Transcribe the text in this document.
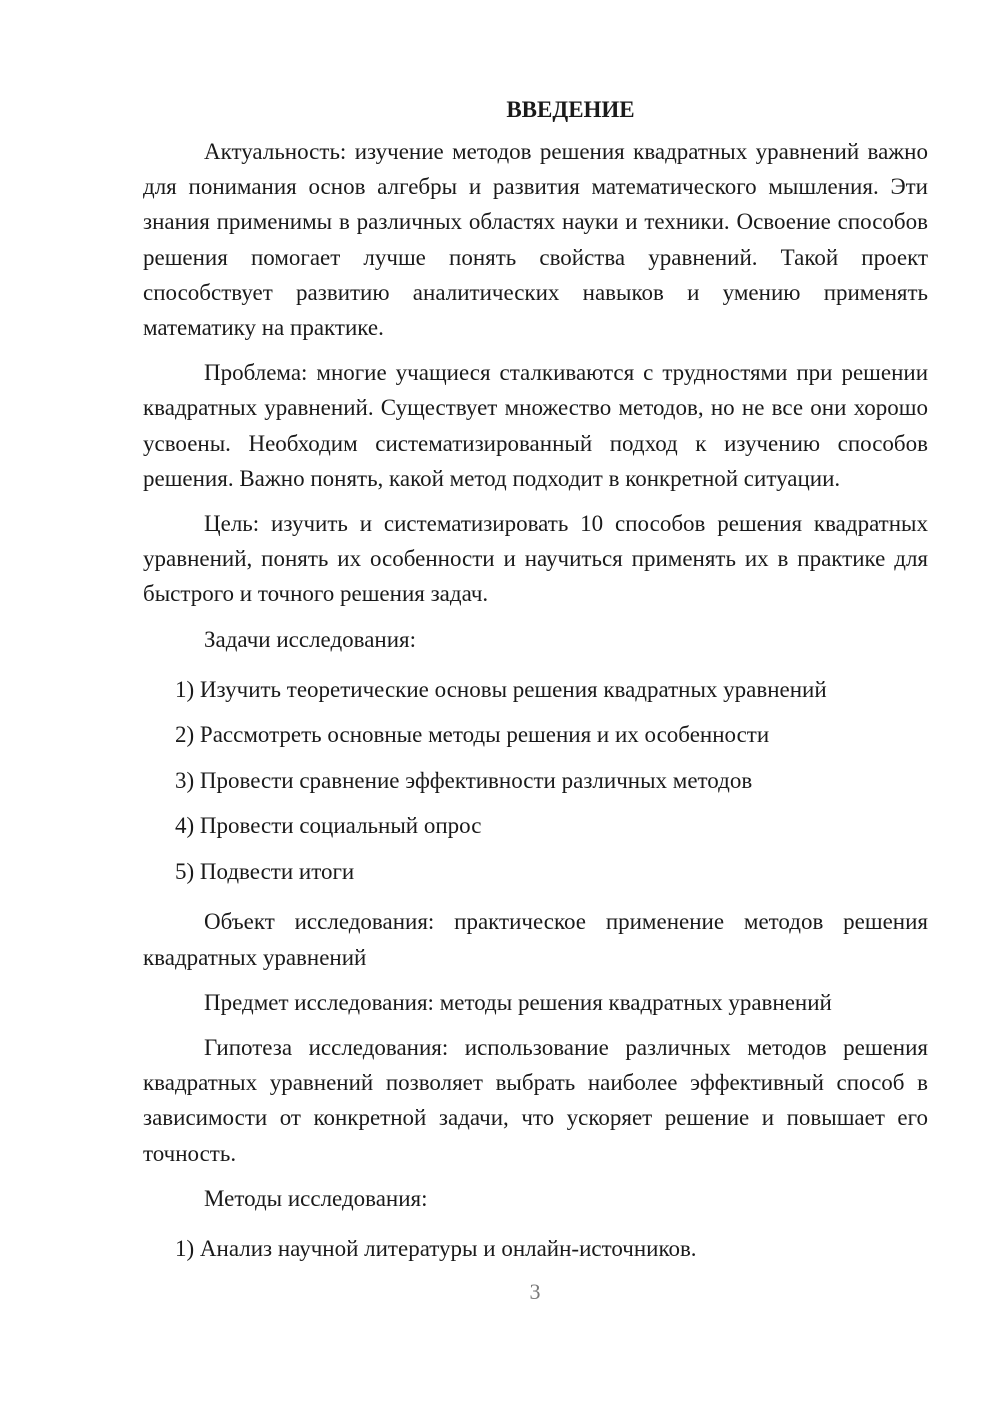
ВВЕДЕНИЕ

Актуальность: изучение методов решения квадратных уравнений важно для понимания основ алгебры и развития математического мышления. Эти знания применимы в различных областях науки и техники. Освоение способов решения помогает лучше понять свойства уравнений. Такой проект способствует развитию аналитических навыков и умению применять математику на практике.

Проблема: многие учащиеся сталкиваются с трудностями при решении квадратных уравнений. Существует множество методов, но не все они хорошо усвоены. Необходим систематизированный подход к изучению способов решения. Важно понять, какой метод подходит в конкретной ситуации.

Цель: изучить и систематизировать 10 способов решения квадратных уравнений, понять их особенности и научиться применять их в практике для быстрого и точного решения задач.

Задачи исследования:

1) Изучить теоретические основы решения квадратных уравнений
2) Рассмотреть основные методы решения и их особенности
3) Провести сравнение эффективности различных методов
4) Провести социальный опрос
5) Подвести итоги

Объект исследования: практическое применение методов решения квадратных уравнений

Предмет исследования: методы решения квадратных уравнений

Гипотеза исследования: использование различных методов решения квадратных уравнений позволяет выбрать наиболее эффективный способ в зависимости от конкретной задачи, что ускоряет решение и повышает его точность.

Методы исследования:

1) Анализ научной литературы и онлайн-источников.
3
